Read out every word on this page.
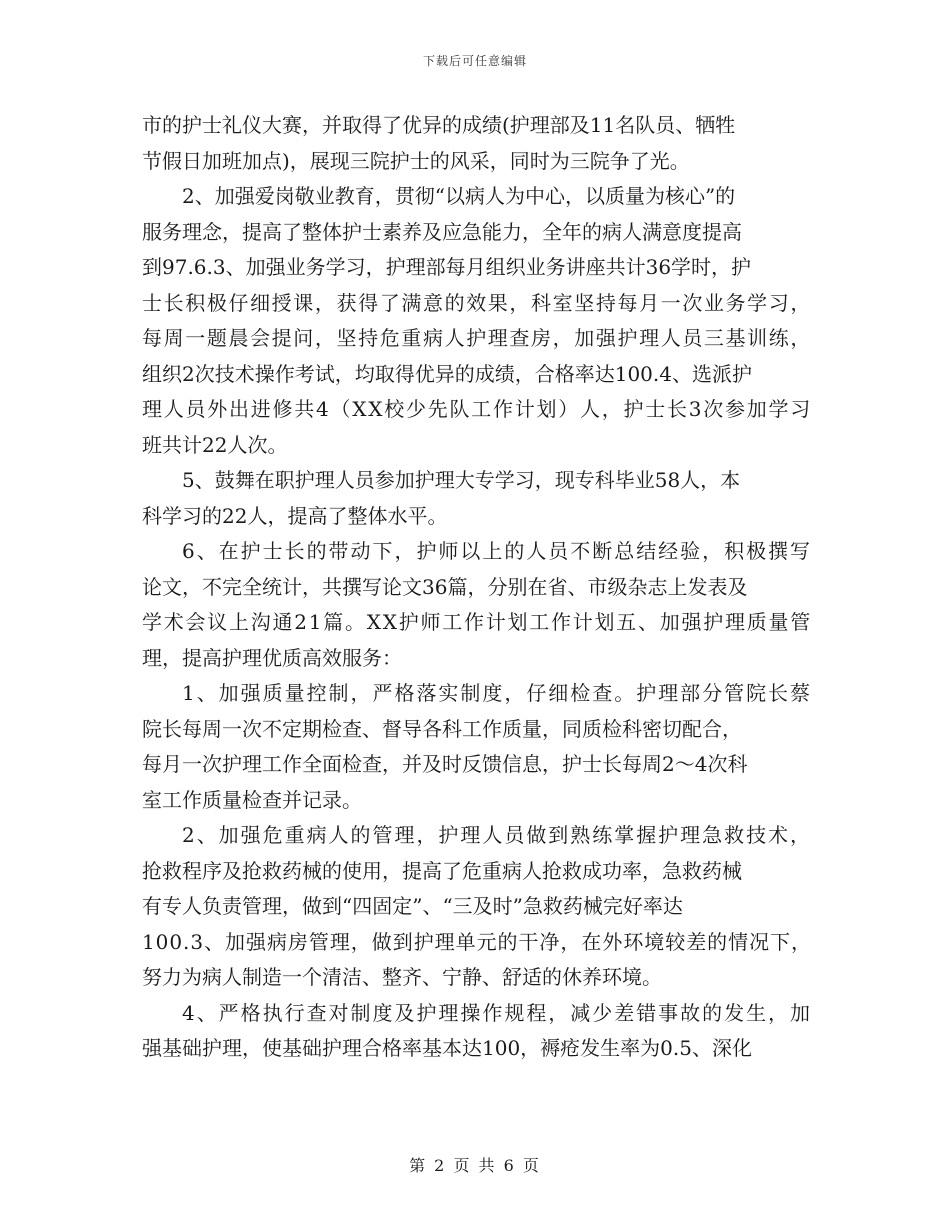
下载后可任意编辑
市的护士礼仪大赛，并取得了优异的成绩(护理部及11名队员、牺牲
节假日加班加点)，展现三院护士的风采，同时为三院争了光。
2、加强爱岗敬业教育，贯彻“以病人为中心，以质量为核心”的
服务理念，提高了整体护士素养及应急能力，全年的病人满意度提高
到97.6.3、加强业务学习，护理部每月组织业务讲座共计36学时，护
士长积极仔细授课，获得了满意的效果，科室坚持每月一次业务学习，
每周一题晨会提问，坚持危重病人护理查房，加强护理人员三基训练，
组织2次技术操作考试，均取得优异的成绩，合格率达100.4、选派护
理人员外出进修共4（XX校少先队工作计划）人，护士长3次参加学习
班共计22人次。
5、鼓舞在职护理人员参加护理大专学习，现专科毕业58人，本
科学习的22人，提高了整体水平。
6、在护士长的带动下，护师以上的人员不断总结经验，积极撰写
论文，不完全统计，共撰写论文36篇，分别在省、市级杂志上发表及
学术会议上沟通21篇。XX护师工作计划工作计划五、加强护理质量管
理，提高护理优质高效服务：
1、加强质量控制，严格落实制度，仔细检查。护理部分管院长蔡
院长每周一次不定期检查、督导各科工作质量，同质检科密切配合，
每月一次护理工作全面检查，并及时反馈信息，护士长每周2～4次科
室工作质量检查并记录。
2、加强危重病人的管理，护理人员做到熟练掌握护理急救技术，
抢救程序及抢救药械的使用，提高了危重病人抢救成功率，急救药械
有专人负责管理，做到“四固定”、“三及时”急救药械完好率达
100.3、加强病房管理，做到护理单元的干净，在外环境较差的情况下，
努力为病人制造一个清洁、整齐、宁静、舒适的休养环境。
4、严格执行查对制度及护理操作规程，减少差错事故的发生，加
强基础护理，使基础护理合格率基本达100，褥疮发生率为0.5、深化
第 2 页 共 6 页
